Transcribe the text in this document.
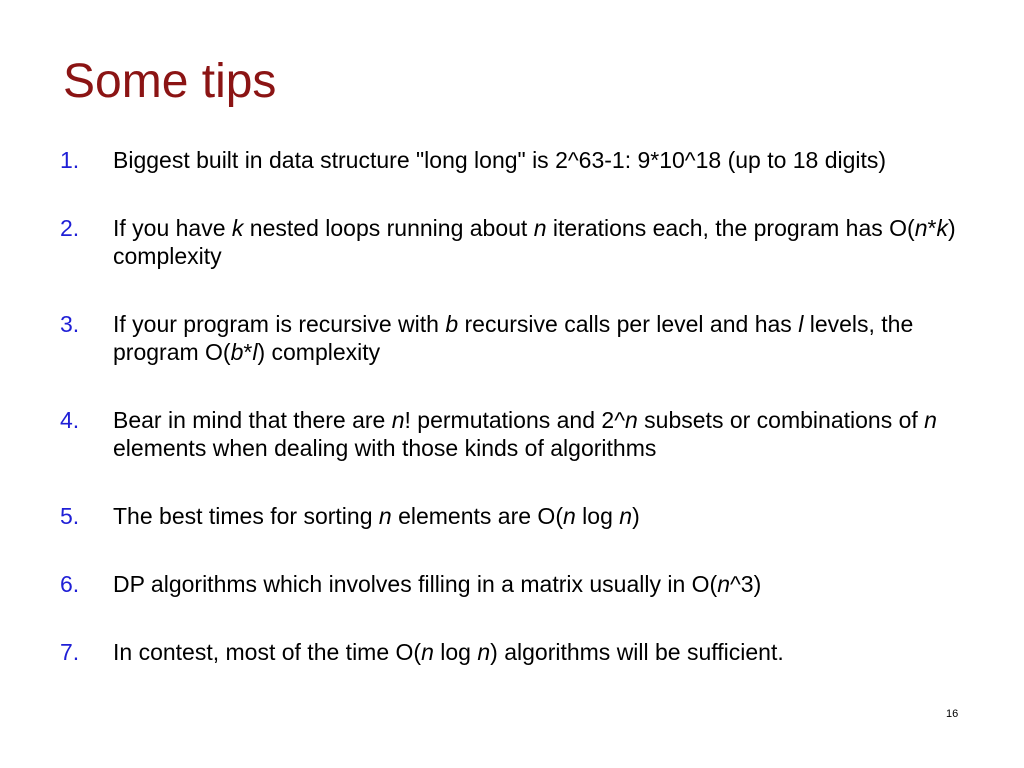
Some tips
1 . Biggest built in data structure "long long" is 2^63-1: 9*10^18 (up to 18 digits)
2 . If you have k nested loops running about n iterations each, the program has O(n*k) complexity
3 . If your program is recursive with b recursive calls per level and has l levels, the program O(b*l) complexity
4 . Bear in mind that there are n! permutations and 2^n subsets or combinations of n elements when dealing with those kinds of algorithms
5 . The best times for sorting n elements are O(n log n)
6 . DP algorithms which involves filling in a matrix usually in O(n^3)
7 . In contest, most of the time O(n log n) algorithms will be sufficient.
16
